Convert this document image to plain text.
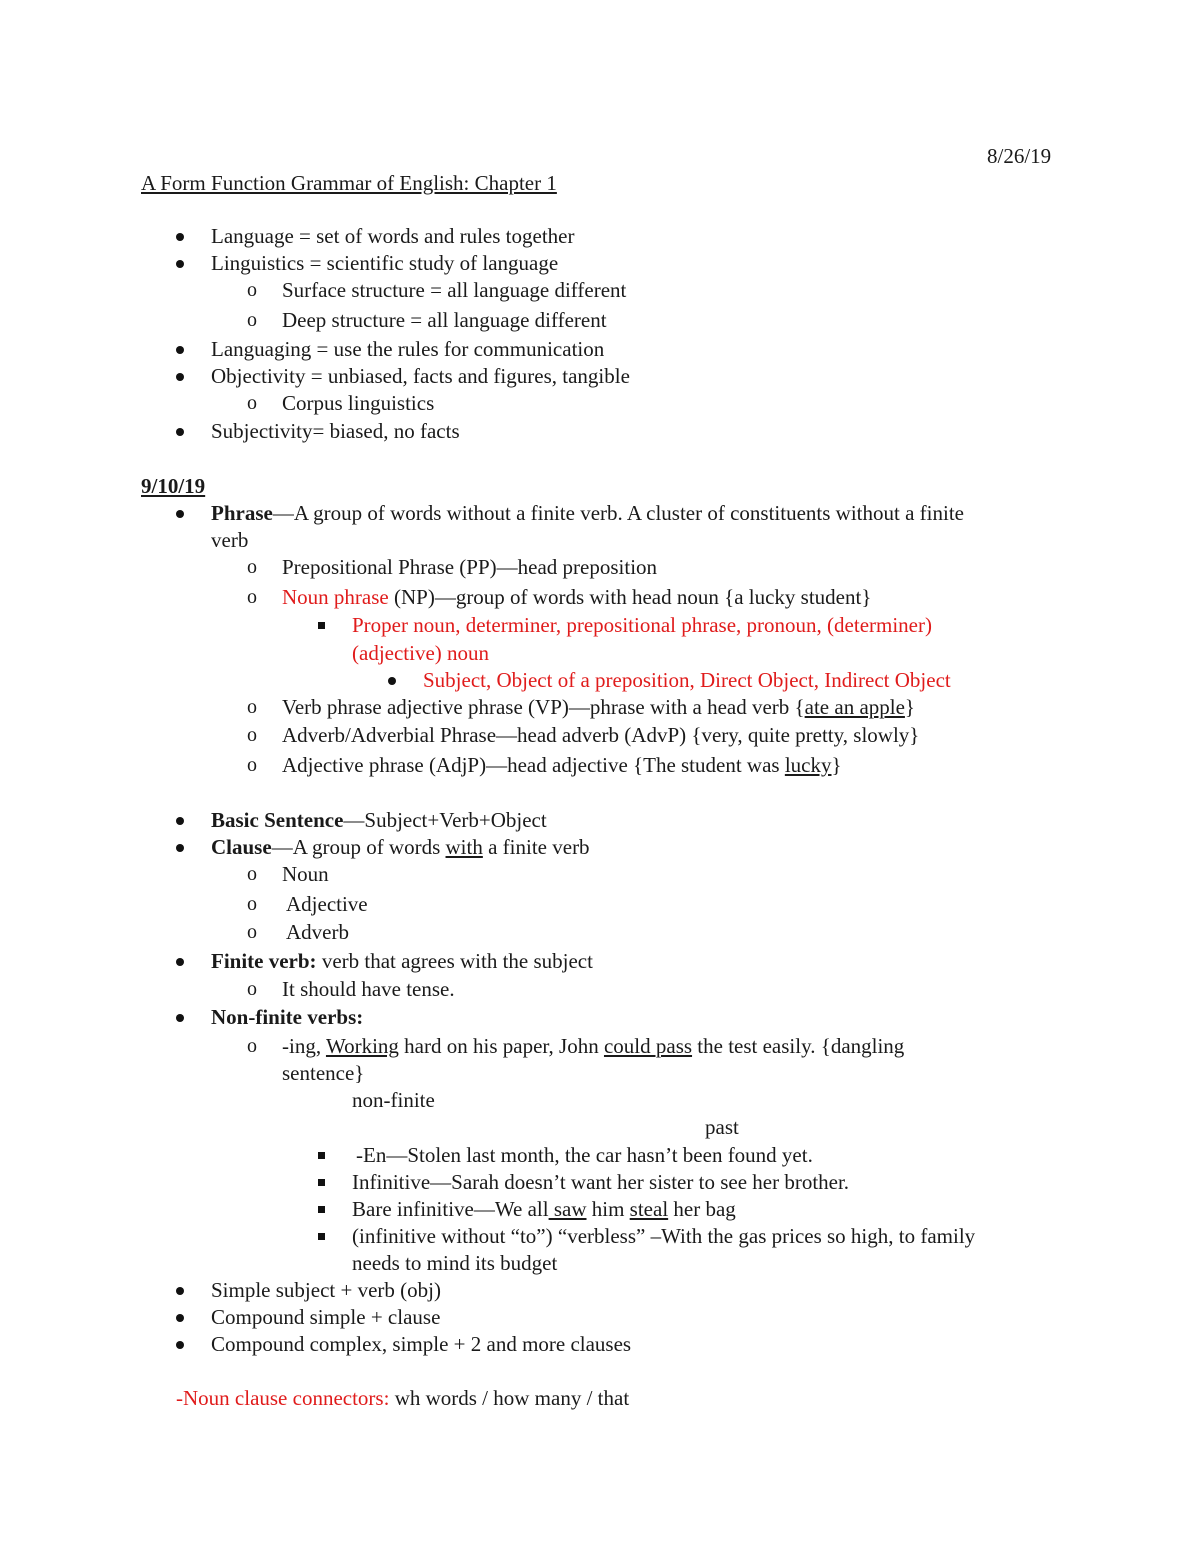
8/26/19
A Form Function Grammar of English: Chapter 1
Language = set of words and rules together
Linguistics = scientific study of language
o Surface structure = all language different
o Deep structure = all language different
Languaging = use the rules for communication
Objectivity = unbiased, facts and figures, tangible
o Corpus linguistics
Subjectivity= biased, no facts
9/10/19
Phrase—A group of words without a finite verb. A cluster of constituents without a finite
verb
o Prepositional Phrase (PP)—head preposition
o Noun phrase (NP)—group of words with head noun {a lucky student}
Proper noun, determiner, prepositional phrase, pronoun, (determiner)
(adjective) noun
Subject, Object of a preposition, Direct Object, Indirect Object
o Verb phrase adjective phrase (VP)—phrase with a head verb {ate an apple}
o Adverb/Adverbial Phrase—head adverb (AdvP) {very, quite pretty, slowly}
o Adjective phrase (AdjP)—head adjective {The student was lucky}
Basic Sentence—Subject+Verb+Object
Clause—A group of words with a finite verb
o Noun
o Adjective
o Adverb
Finite verb: verb that agrees with the subject
o It should have tense.
Non-finite verbs:
o -ing, Working hard on his paper, John could pass the test easily. {dangling
sentence}
non-finite
past
-En—Stolen last month, the car hasn’t been found yet.
Infinitive—Sarah doesn’t want her sister to see her brother.
Bare infinitive—We all saw him steal her bag
(infinitive without “to”) “verbless” –With the gas prices so high, to family
needs to mind its budget
Simple subject + verb (obj)
Compound simple + clause
Compound complex, simple + 2 and more clauses
-Noun clause connectors: wh words / how many / that
